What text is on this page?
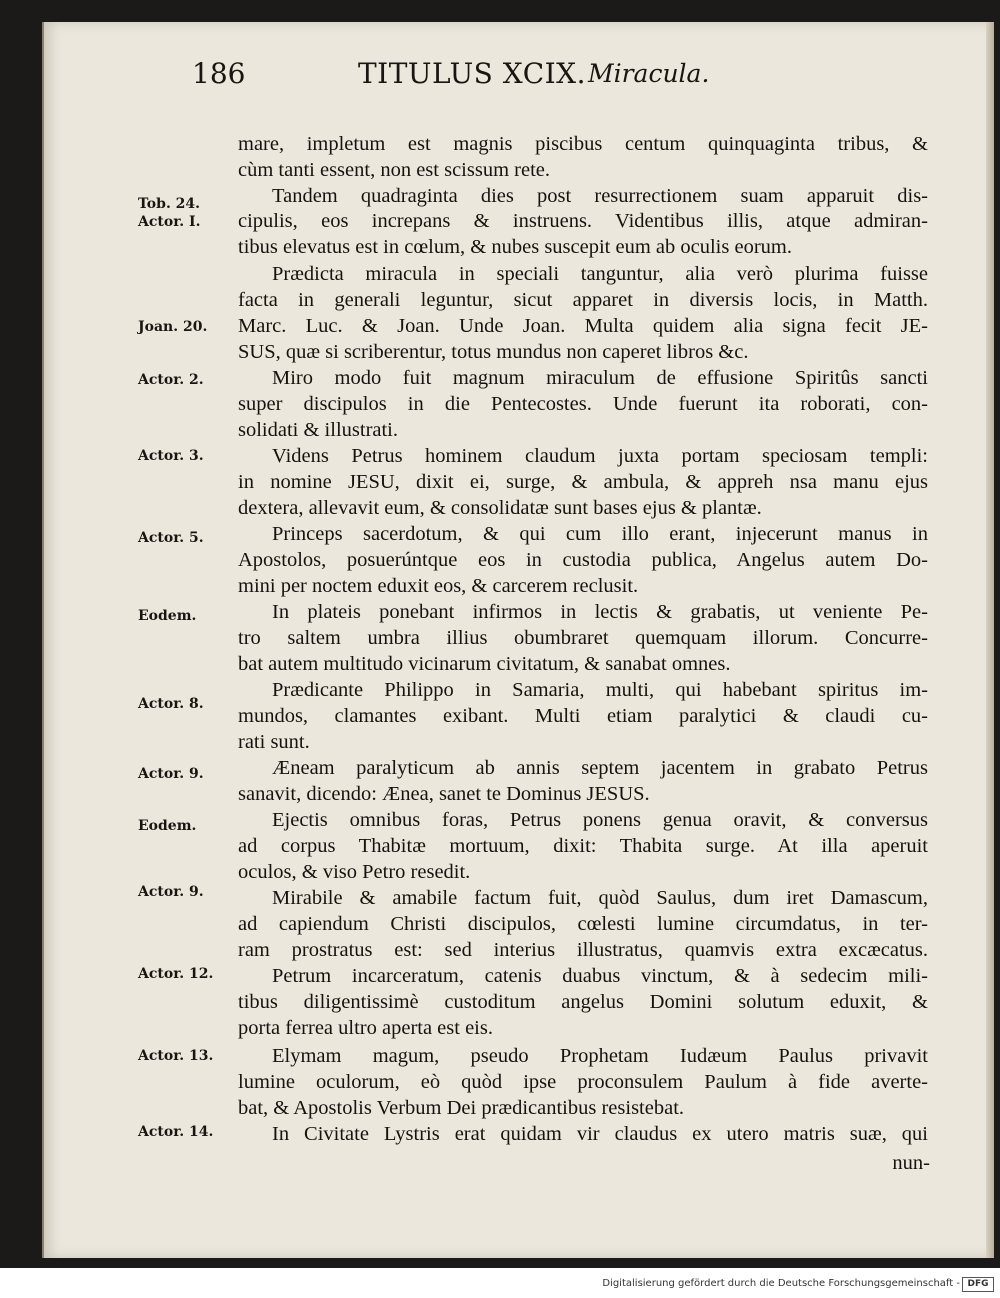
186	TITULUS XCIX. Miracula.
Tob. 24.
Actor. I.
Joan. 20.
Actor. 2.
Actor. 3.
Actor. 5.
Eodem.
Actor. 8.
Actor. 9.
Eodem.
Actor. 9.
Actor. 12.
Actor. 13.
Actor. 14.
mare, impletum est magnis piscibus centum quinquaginta tribus, &
cùm tanti essent, non est scissum rete.
Tandem quadraginta dies post resurrectionem suam apparuit dis-
cipulis, eos increpans & instruens. Videntibus illis, atque admiran-
tibus elevatus est in cœlum, & nubes suscepit eum ab oculis eorum.
Prædicta miracula in speciali tanguntur, alia verò plurima fuisse
facta in generali leguntur, sicut apparet in diversis locis, in Matth.
Marc. Luc. & Joan. Unde Joan. Multa quidem alia signa fecit JE-
SUS, quæ si scriberentur, totus mundus non caperet libros &c.
Miro modo fuit magnum miraculum de effusione Spiritûs sancti
super discipulos in die Pentecostes. Unde fuerunt ita roborati, con-
solidati & illustrati.
Videns Petrus hominem claudum juxta portam speciosam templi:
in nomine JESU, dixit ei, surge, & ambula, & appreh nsa manu ejus
dextera, allevavit eum, & consolidatæ sunt bases ejus & plantæ.
Princeps sacerdotum, & qui cum illo erant, injecerunt manus in
Apostolos, posuerúntque eos in custodia publica, Angelus autem Do-
mini per noctem eduxit eos, & carcerem reclusit.
In plateis ponebant infirmos in lectis & grabatis, ut veniente Pe-
tro saltem umbra illius obumbraret quemquam illorum. Concurre-
bat autem multitudo vicinarum civitatum, & sanabat omnes.
Prædicante Philippo in Samaria, multi, qui habebant spiritus im-
mundos, clamantes exibant. Multi etiam paralytici & claudi cu-
rati sunt.
Æneam paralyticum ab annis septem jacentem in grabato Petrus
sanavit, dicendo: Ænea, sanet te Dominus JESUS.
Ejectis omnibus foras, Petrus ponens genua oravit, & conversus
ad corpus Thabitæ mortuum, dixit: Thabita surge. At illa aperuit
oculos, & viso Petro resedit.
Mirabile & amabile factum fuit, quòd Saulus, dum iret Damascum,
ad capiendum Christi discipulos, cœlesti lumine circumdatus, in ter-
ram prostratus est: sed interius illustratus, quamvis extra excæcatus.
Petrum incarceratum, catenis duabus vinctum, & à sedecim mili-
tibus diligentissimè custoditum angelus Domini solutum eduxit, &
porta ferrea ultro aperta est eis.
Elymam magum, pseudo Prophetam Iudæum Paulus privavit
lumine oculorum, eò quòd ipse proconsulem Paulum à fide averte-
bat, & Apostolis Verbum Dei prædicantibus resistebat.
In Civitate Lystris erat quidam vir claudus ex utero matris suæ, qui
nun-
Digitalisierung gefördert durch die Deutsche Forschungsgemeinschaft - DFG
